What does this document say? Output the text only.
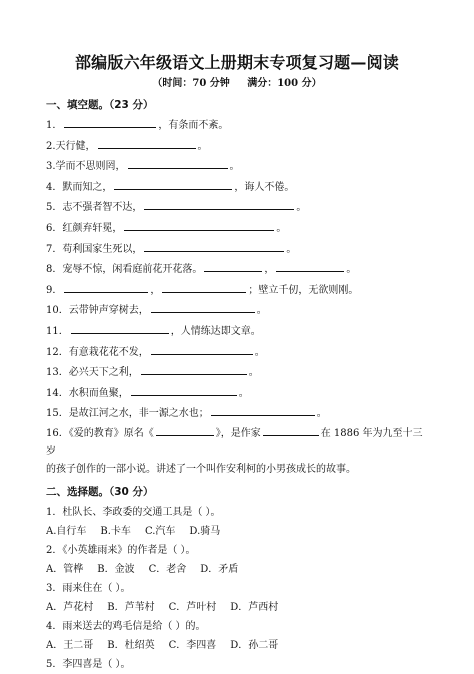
部编版六年级语文上册期末专项复习题—阅读
（时间：70 分钟     满分：100 分）
一、填空题。（23 分）
1．	，有条而不紊。
2.天行健，	。
3.学而不思则罔，	。
4．默而知之，	，诲人不倦。
5．志不强者智不达，	。
6．红颜弃轩冕，	。
7．苟利国家生死以，	。
8．宠辱不惊，闲看庭前花开花落。	，	。
9．	，	；壁立千仞，无欲则刚。
10．云带钟声穿树去，	。
11．	，人情练达即文章。
12．有意栽花花不发，	。
13．必兴天下之利，	。
14．水积而鱼聚，	。
15．是故江河之水，非一源之水也；	。
16．《爱的教育》原名《	》，是作家	在 1886 年为九至十三岁
的孩子创作的一部小说。讲述了一个叫作安利柯的小男孩成长的故事。
二、选择题。（30 分）
1．杜队长、李政委的交通工具是（ ）。
A.自行车 B.卡车 C.汽车 D.骑马
2．《小英雄雨来》的作者是（ ）。
A．管桦 B．金波 C．老舍 D．矛盾
3．雨来住在（ ）。
A．芦花村 B．芦苇村 C．芦叶村 D．芦西村
4．雨来送去的鸡毛信是给（ ）的。
A．王二哥 B．杜绍英 C．李四喜 D．孙二哥
5．李四喜是（ ）。
